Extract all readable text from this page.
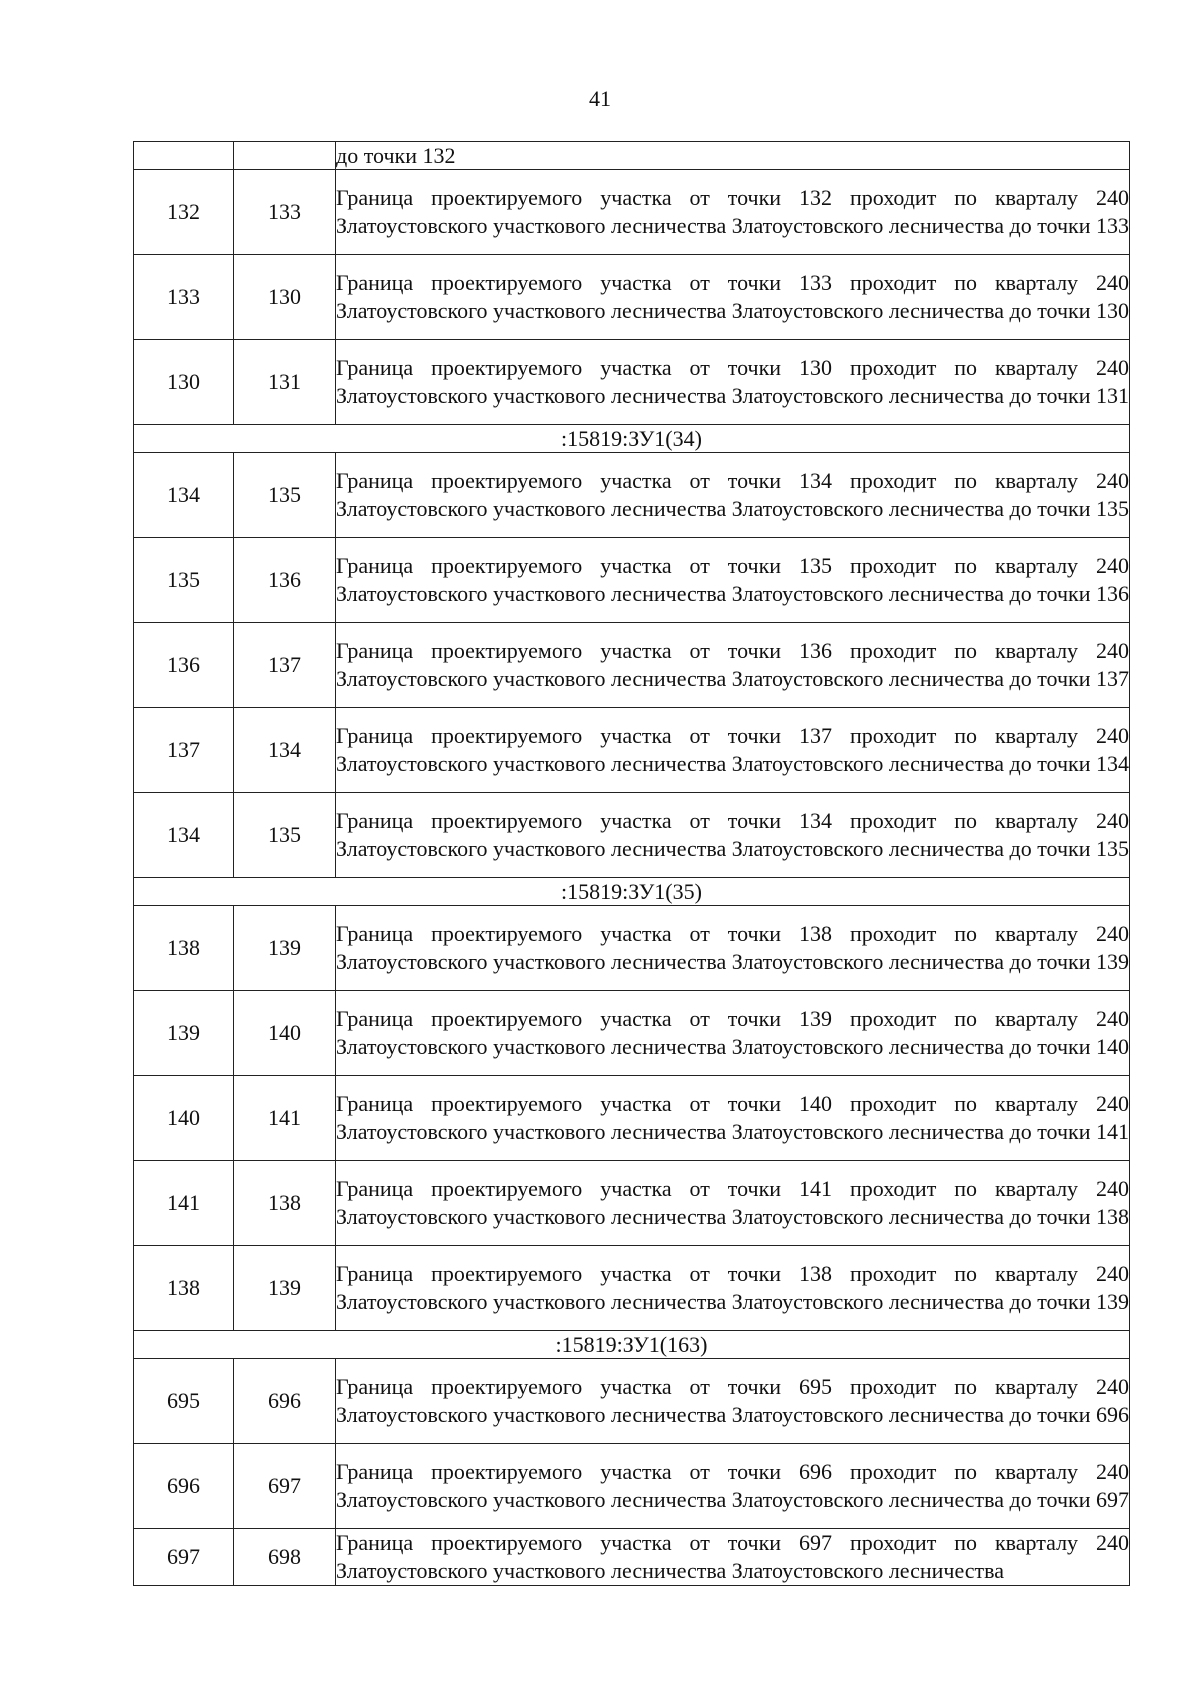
41
		до точки 132
132	133	Граница проектируемого участка от точки 132 проходит по кварталу 240 Златоустовского участкового лесничества Златоустовского лесничества до точки 133
133	130	Граница проектируемого участка от точки 133 проходит по кварталу 240 Златоустовского участкового лесничества Златоустовского лесничества до точки 130
130	131	Граница проектируемого участка от точки 130 проходит по кварталу 240 Златоустовского участкового лесничества Златоустовского лесничества до точки 131
:15819:ЗУ1(34)		
134	135	Граница проектируемого участка от точки 134 проходит по кварталу 240 Златоустовского участкового лесничества Златоустовского лесничества до точки 135
135	136	Граница проектируемого участка от точки 135 проходит по кварталу 240 Златоустовского участкового лесничества Златоустовского лесничества до точки 136
136	137	Граница проектируемого участка от точки 136 проходит по кварталу 240 Златоустовского участкового лесничества Златоустовского лесничества до точки 137
137	134	Граница проектируемого участка от точки 137 проходит по кварталу 240 Златоустовского участкового лесничества Златоустовского лесничества до точки 134
134	135	Граница проектируемого участка от точки 134 проходит по кварталу 240 Златоустовского участкового лесничества Златоустовского лесничества до точки 135
:15819:ЗУ1(35)		
138	139	Граница проектируемого участка от точки 138 проходит по кварталу 240 Златоустовского участкового лесничества Златоустовского лесничества до точки 139
139	140	Граница проектируемого участка от точки 139 проходит по кварталу 240 Златоустовского участкового лесничества Златоустовского лесничества до точки 140
140	141	Граница проектируемого участка от точки 140 проходит по кварталу 240 Златоустовского участкового лесничества Златоустовского лесничества до точки 141
141	138	Граница проектируемого участка от точки 141 проходит по кварталу 240 Златоустовского участкового лесничества Златоустовского лесничества до точки 138
138	139	Граница проектируемого участка от точки 138 проходит по кварталу 240 Златоустовского участкового лесничества Златоустовского лесничества до точки 139
:15819:ЗУ1(163)		
695	696	Граница проектируемого участка от точки 695 проходит по кварталу 240 Златоустовского участкового лесничества Златоустовского лесничества до точки 696
696	697	Граница проектируемого участка от точки 696 проходит по кварталу 240 Златоустовского участкового лесничества Златоустовского лесничества до точки 697
697	698	Граница проектируемого участка от точки 697 проходит по кварталу 240 Златоустовского участкового лесничества Златоустовского лесничества
